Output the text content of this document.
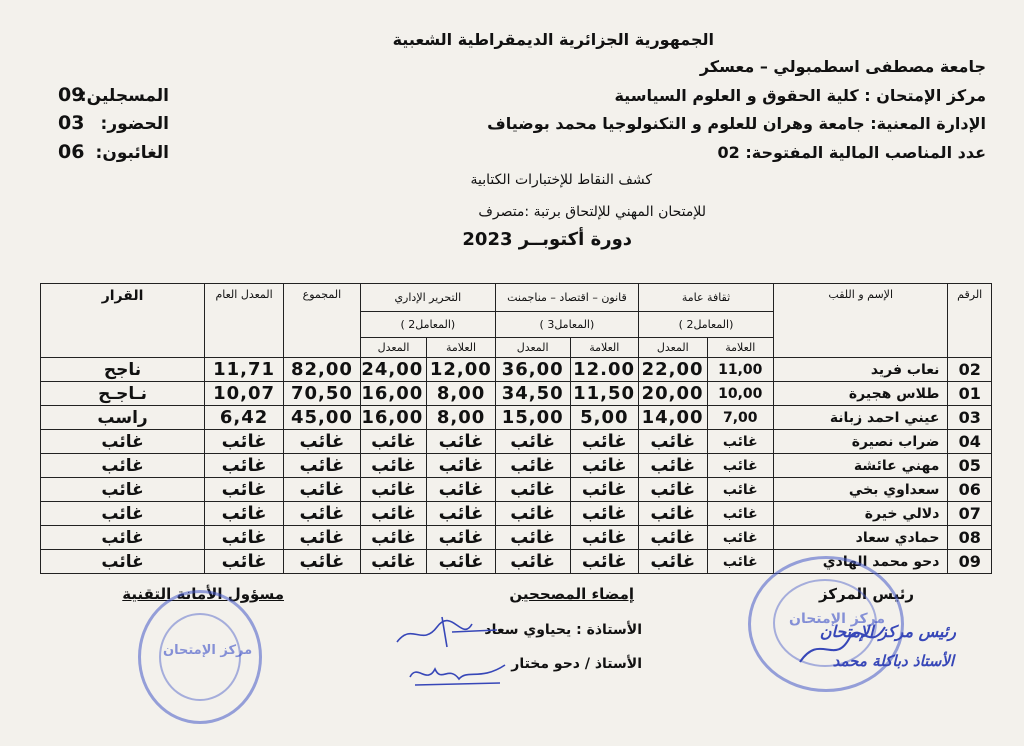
الجمهورية الجزائرية الديمقراطية الشعبية
جامعة مصطفى اسطمبولي – معسكر
مركز الإمتحان : كلية الحقوق و العلوم السياسية
الإدارة المعنية: جامعة وهران للعلوم و التكنولوجيا محمد بوضياف
عدد المناصب المالية المفتوحة: 02
المسجلين:
09
الحضور:
03
الغائبون:
06
كشف النقاط للإختبارات الكتابية
للإمتحان المهني للإلتحاق برتبة :متصرف
دورة أكتوبــر 2023
الرقم	الإسم و اللقب	ثقافة عامة		قانون – اقتصاد – مناجمنت		التحرير الإداري		المجموع	المعدل العام	القرار
		(المعامل2 )		(المعامل3 )		(المعامل2 )				
		العلامة	المعدل	العلامة	المعدل	العلامة	المعدل			
02	نعاب فريد	11,00	22,00	12.00	36,00	12,00	24,00	82,00	11,71	ناجح
01	طلاس هجيرة	10,00	20,00	11,50	34,50	8,00	16,00	70,50	10,07	نـاجـح
03	عيني احمد زبانة	7,00	14,00	5,00	15,00	8,00	16,00	45,00	6,42	راسب
04	ضراب نصيرة	غائب	غائب	غائب	غائب	غائب	غائب	غائب	غائب	غائب
05	مهني عائشة	غائب	غائب	غائب	غائب	غائب	غائب	غائب	غائب	غائب
06	سعداوي بخي	غائب	غائب	غائب	غائب	غائب	غائب	غائب	غائب	غائب
07	دلالي خيرة	غائب	غائب	غائب	غائب	غائب	غائب	غائب	غائب	غائب
08	حمادي سعاد	غائب	غائب	غائب	غائب	غائب	غائب	غائب	غائب	غائب
09	دحو محمد الهادي	غائب	غائب	غائب	غائب	غائب	غائب	غائب	غائب	غائب
رئيس المركز
إمضاء المصححين
مسؤول الأمانة التقنية
الأستاذة : يحياوي سعاد
الأستاذ / دحو مختار
مركز الإمتحان
رئيس مركز الإمتحان
الأستاذ دباكلة محمد
مركز الإمتحان
